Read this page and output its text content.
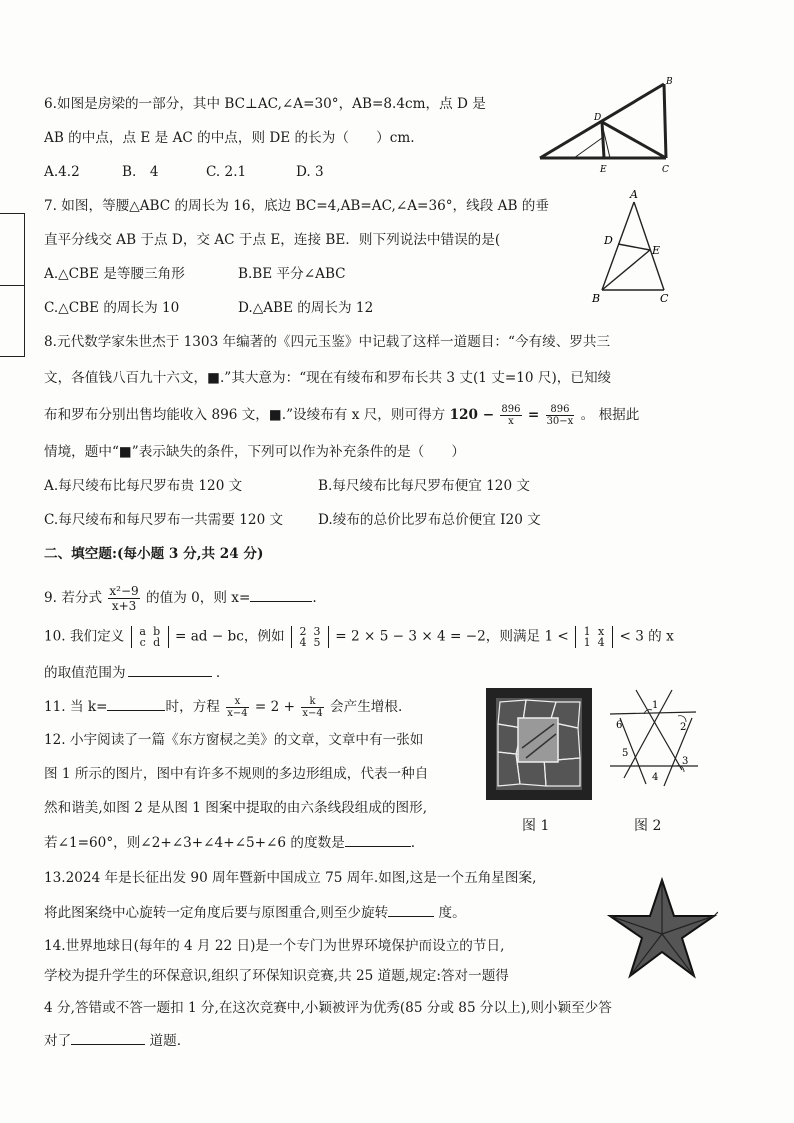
6.如图是房梁的一部分，其中 BC⊥AC,∠A=30°，AB=8.4cm，点 D 是
AB 的中点，点 E 是 AC 的中点，则 DE 的长为（　　）cm.
A.4.2	B.　4	C. 2.1	D. 3
B
D
E	C
7. 如图，等腰△ABC 的周长为 16，底边 BC=4,AB=AC,∠A=36°，线段 AB 的垂
直平分线交 AB 于点 D，交 AC 于点 E，连接 BE．则下列说法中错误的是(
A.△CBE 是等腰三角形	B.BE 平分∠ABC
C.△CBE 的周长为 10	D.△ABE 的周长为 12
A
D
E
B	C
8.元代数学家朱世杰于 1303 年编著的《四元玉鉴》中记载了这样一道题目：“今有绫、罗共三
文，各值钱八百九十六文，■.”其大意为：“现在有绫布和罗布长共 3 丈(1 丈=10 尺)，已知绫
布和罗布分别出售均能收入 896 文，■.”设绫布有 x 尺，则可得方 $120 - \frac{896}{x} = \frac{896}{30-x}$ 。 根据此
情境，题中“■”表示缺失的条件，下列可以作为补充条件的是（　　）
A.每尺绫布比每尺罗布贵 120 文	B.每尺绫布比每尺罗布便宜 120 文
C.每尺绫布和每尺罗布一共需要 120 文	D.绫布的总价比罗布总价便宜 I20 文
二、填空题:(每小题 3 分,共 24 分)
9. 若分式 $\frac{\text{x²−9}}{x+3}$ 的值为 0，则 x=	.
10. 我们定义 a b
c d = ad − bc，例如 2 3
4 5 = 2 × 5 − 3 × 4 = −2，则满足 1 < 1 x
1 4 < 3 的 x
的取值范围为	.
11. 当 k=	时，方程 $\frac{x}{x-4} = 2 + \frac{k}{x-4}$ 会产生增根.
12. 小宇阅读了一篇《东方窗棂之美》的文章，文章中有一张如
图 1 所示的图片，图中有许多不规则的多边形组成，代表一种自
然和谐美,如图 2 是从图 1 图案中提取的由六条线段组成的图形,
若∠1=60°，则∠2+∠3+∠4+∠5+∠6 的度数是	.
图 1
1
2
3
4
5
6
图 2
13.2024 年是长征出发 90 周年暨新中国成立 75 周年.如图,这是一个五角星图案,
将此图案绕中心旋转一定角度后要与原图重合,则至少旋转	度。
14.世界地球日(每年的 4 月 22 日)是一个专门为世界环境保护而设立的节日,
学校为提升学生的环保意识,组织了环保知识竞赛,共 25 道题,规定:答对一题得
4 分,答错或不答一题扣 1 分,在这次竞赛中,小颖被评为优秀(85 分或 85 分以上),则小颖至少答
对了	道题.
